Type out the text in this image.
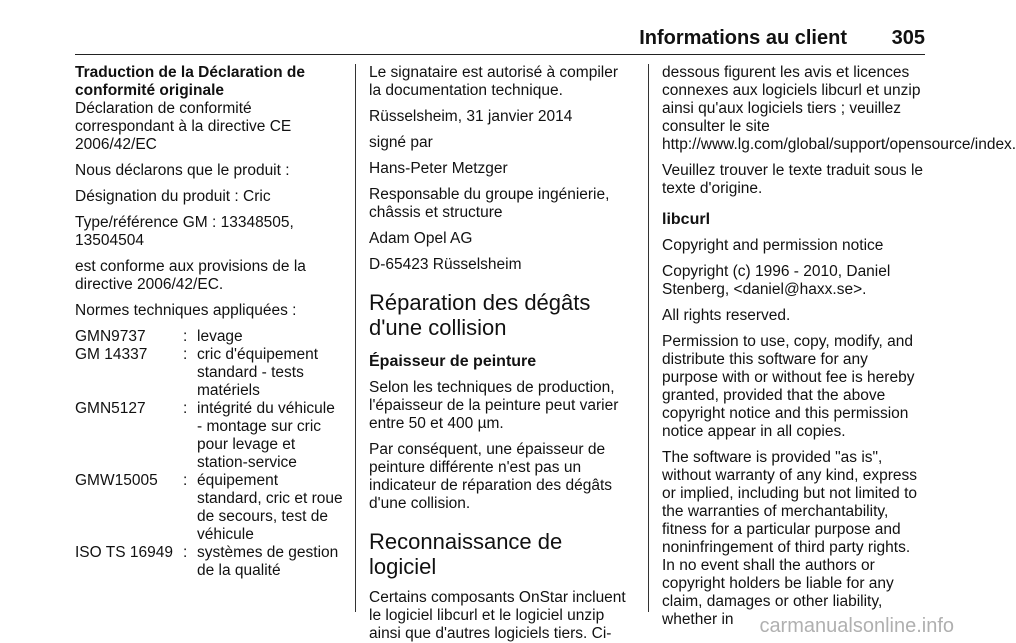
Informations au client 305

Traduction de la Déclaration de conformité originale

Déclaration de conformité correspondant à la directive CE 2006/42/EC

Nous déclarons que le produit :

Désignation du produit : Cric

Type/référence GM : 13348505, 13504504

est conforme aux provisions de la directive 2006/42/EC.

Normes techniques appliquées :

GMN9737	:	levage
GM 14337	:	cric d'équipement standard - tests matériels
GMN5127	:	intégrité du véhicule - montage sur cric pour levage et station-service
GMW15005	:	équipement standard, cric et roue de secours, test de véhicule
ISO TS 16949	:	systèmes de gestion de la qualité

Le signataire est autorisé à compiler la documentation technique.

Rüsselsheim, 31 janvier 2014

signé par

Hans-Peter Metzger

Responsable du groupe ingénierie, châssis et structure

Adam Opel AG

D-65423 Rüsselsheim

Réparation des dégâts d'une collision
Épaisseur de peinture

Selon les techniques de production, l'épaisseur de la peinture peut varier entre 50 et 400 µm.

Par conséquent, une épaisseur de peinture différente n'est pas un indicateur de réparation des dégâts d'une collision.

Reconnaissance de logiciel

Certains composants OnStar incluent le logiciel libcurl et le logiciel unzip ainsi que d'autres logiciels tiers. Ci-

dessous figurent les avis et licences connexes aux logiciels libcurl et unzip ainsi qu'aux logiciels tiers ; veuillez consulter le site http://www.lg.com/global/support/opensource/index.

Veuillez trouver le texte traduit sous le texte d'origine.

libcurl

Copyright and permission notice

Copyright (c) 1996 - 2010, Daniel Stenberg, <daniel@haxx.se>.

All rights reserved.

Permission to use, copy, modify, and distribute this software for any purpose with or without fee is hereby granted, provided that the above copyright notice and this permission notice appear in all copies.

The software is provided "as is", without warranty of any kind, express or implied, including but not limited to the warranties of merchantability, fitness for a particular purpose and noninfringement of third party rights. In no event shall the authors or copyright holders be liable for any claim, damages or other liability, whether in	carmanualsonline.info
